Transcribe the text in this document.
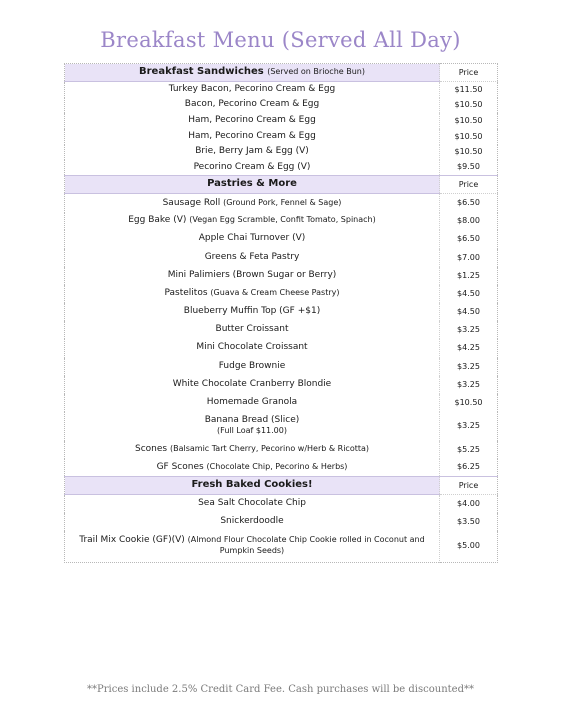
Breakfast Menu (Served All Day)
Breakfast Sandwiches (Served on Brioche Bun)	Price
Turkey Bacon, Pecorino Cream & Egg	$11.50
Bacon, Pecorino Cream & Egg	$10.50
Ham, Pecorino Cream & Egg	$10.50
Ham, Pecorino Cream & Egg	$10.50
Brie, Berry Jam & Egg (V)	$10.50
Pecorino Cream & Egg (V)	$9.50
Pastries & More	Price
Sausage Roll (Ground Pork, Fennel & Sage)	$6.50
Egg Bake (V) (Vegan Egg Scramble, Confit Tomato, Spinach)	$8.00
Apple Chai Turnover (V)	$6.50
Greens & Feta Pastry	$7.00
Mini Palimiers (Brown Sugar or Berry)	$1.25
Pastelitos (Guava & Cream Cheese Pastry)	$4.50
Blueberry Muffin Top (GF +$1)	$4.50
Butter Croissant	$3.25
Mini Chocolate Croissant	$4.25
Fudge Brownie	$3.25
White Chocolate Cranberry Blondie	$3.25
Homemade Granola	$10.50
Banana Bread (Slice)
(Full Loaf $11.00)	$3.25
Scones (Balsamic Tart Cherry, Pecorino w/Herb & Ricotta)	$5.25
GF Scones (Chocolate Chip, Pecorino & Herbs)	$6.25
Fresh Baked Cookies!	Price
Sea Salt Chocolate Chip	$4.00
Snickerdoodle	$3.50
Trail Mix Cookie (GF)(V) (Almond Flour Chocolate Chip Cookie rolled in Coconut and Pumpkin Seeds)	$5.00
**Prices include 2.5% Credit Card Fee. Cash purchases will be discounted**
